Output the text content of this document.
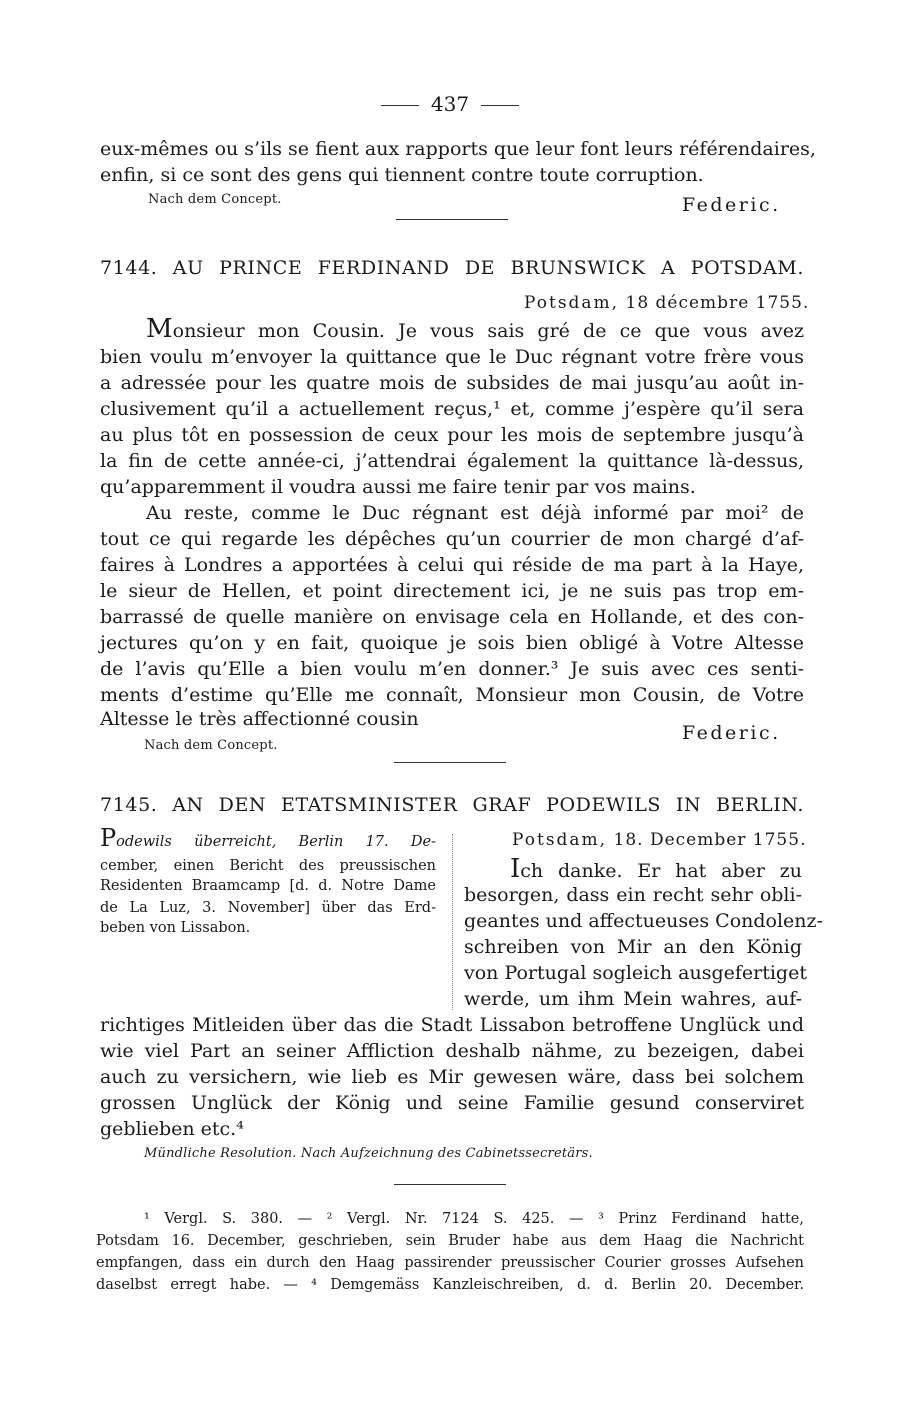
437
eux-mêmes ou s’ils se fient aux rapports que leur font leurs référendaires,
enfin, si ce sont des gens qui tiennent contre toute corruption.
Nach dem Concept.	Federic.
7144. AU PRINCE FERDINAND DE BRUNSWICK A POTSDAM.
Potsdam, 18 décembre 1755.
M onsieur mon Cousin. Je vous sais gré de ce que vous avez
bien voulu m’envoyer la quittance que le Duc régnant votre frère vous
a adressée pour les quatre mois de subsides de mai jusqu’au août in-
clusivement qu’il a actuellement reçus,¹ et, comme j’espère qu’il sera
au plus tôt en possession de ceux pour les mois de septembre jusqu’à
la fin de cette année-ci, j’attendrai également la quittance là-dessus,
qu’apparemment il voudra aussi me faire tenir par vos mains.
Au reste, comme le Duc régnant est déjà informé par moi² de
tout ce qui regarde les dépêches qu’un courrier de mon chargé d’af-
faires à Londres a apportées à celui qui réside de ma part à la Haye,
le sieur de Hellen, et point directement ici, je ne suis pas trop em-
barrassé de quelle manière on envisage cela en Hollande, et des con-
jectures qu’on y en fait, quoique je sois bien obligé à Votre Altesse
de l’avis qu’Elle a bien voulu m’en donner.³ Je suis avec ces senti-
ments d’estime qu’Elle me connaît, Monsieur mon Cousin, de Votre
Altesse le très affectionné cousin
Federic.
Nach dem Concept.
7145. AN DEN ETATSMINISTER GRAF PODEWILS IN BERLIN.
P odewils überreicht, Berlin 17. De-
cember, einen Bericht des preussischen
Residenten Braamcamp [d. d. Notre Dame
de La Luz, 3. November] über das Erd-
beben von Lissabon.
Potsdam, 18. December 1755.
I ch danke. Er hat aber zu
besorgen, dass ein recht sehr obli-
geantes und affectueuses Condolenz-
schreiben von Mir an den König
von Portugal sogleich ausgefertiget
werde, um ihm Mein wahres, auf-
richtiges Mitleiden über das die Stadt Lissabon betroffene Unglück und
wie viel Part an seiner Affliction deshalb nähme, zu bezeigen, dabei
auch zu versichern, wie lieb es Mir gewesen wäre, dass bei solchem
grossen Unglück der König und seine Familie gesund conserviret
geblieben etc.⁴
Mündliche Resolution. Nach Aufzeichnung des Cabinetssecretärs.
¹ Vergl. S. 380. — ² Vergl. Nr. 7124 S. 425. — ³ Prinz Ferdinand hatte,
Potsdam 16. December, geschrieben, sein Bruder habe aus dem Haag die Nachricht
empfangen, dass ein durch den Haag passirender preussischer Courier grosses Aufsehen
daselbst erregt habe. — ⁴ Demgemäss Kanzleischreiben, d. d. Berlin 20. December.
